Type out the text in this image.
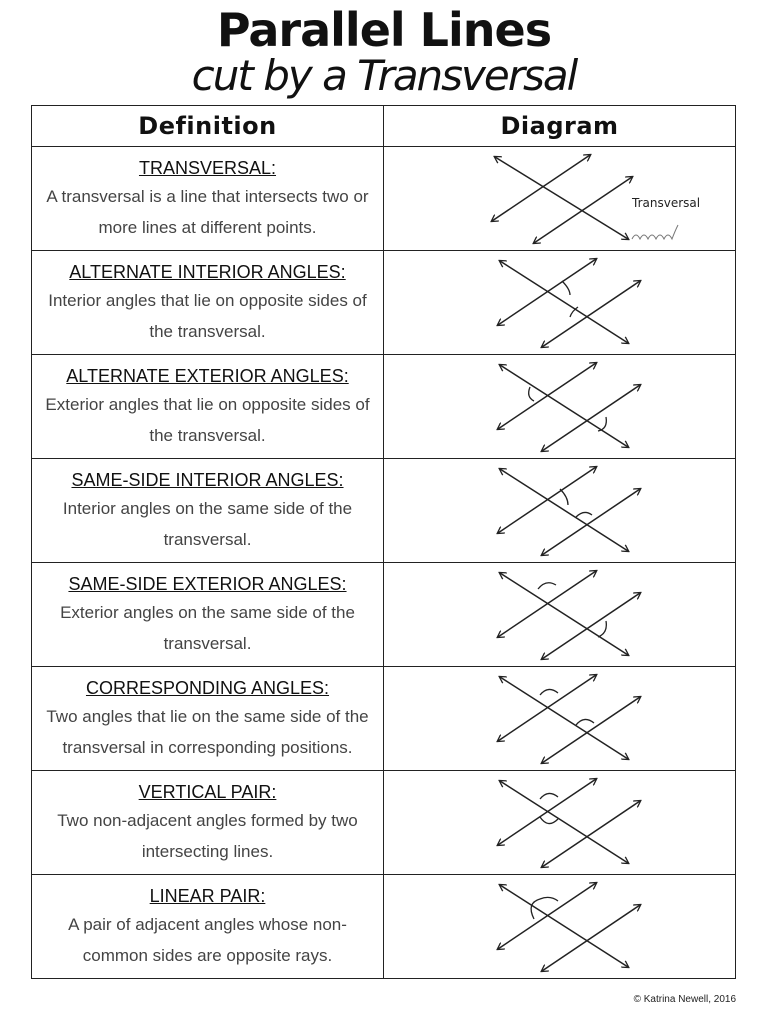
Parallel Lines
cut by a Transversal
Definition	Diagram

TRANSVERSAL:
A transversal is a line that intersects two or more lines at different points.	Transversal

ALTERNATE INTERIOR ANGLES:
Interior angles that lie on opposite sides of the transversal.

ALTERNATE EXTERIOR ANGLES:
Exterior angles that lie on opposite sides of the transversal.

SAME-SIDE INTERIOR ANGLES:
Interior angles on the same side of the transversal.

SAME-SIDE EXTERIOR ANGLES:
Exterior angles on the same side of the transversal.

CORRESPONDING ANGLES:
Two angles that lie on the same side of the transversal in corresponding positions.

VERTICAL PAIR:
Two non-adjacent angles formed by two intersecting lines.

LINEAR PAIR:
A pair of adjacent angles whose non-common sides are opposite rays.

© Katrina Newell, 2016
